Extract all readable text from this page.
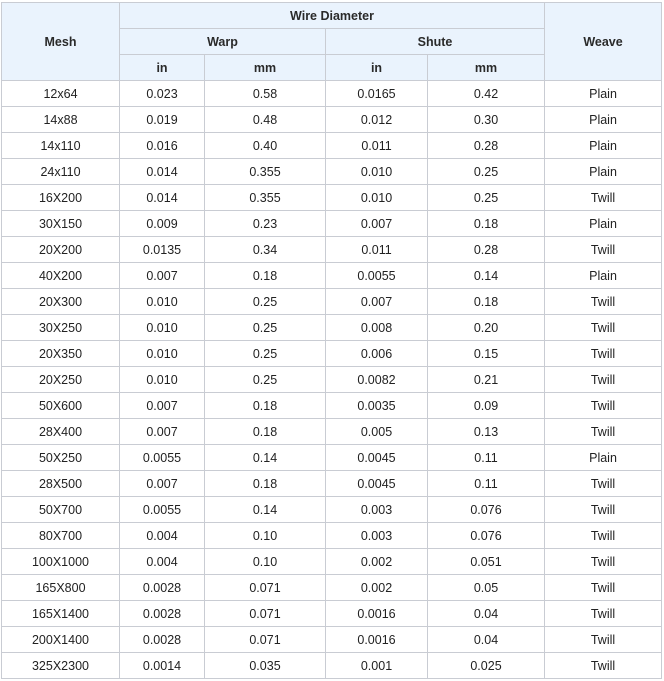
Mesh	Wire Diameter				Weave
	Warp		Shute		
	in	mm	in	mm	
12x64	0.023	0.58	0.0165	0.42	Plain
14x88	0.019	0.48	0.012	0.30	Plain
14x110	0.016	0.40	0.011	0.28	Plain
24x110	0.014	0.355	0.010	0.25	Plain
16X200	0.014	0.355	0.010	0.25	Twill
30X150	0.009	0.23	0.007	0.18	Plain
20X200	0.0135	0.34	0.011	0.28	Twill
40X200	0.007	0.18	0.0055	0.14	Plain
20X300	0.010	0.25	0.007	0.18	Twill
30X250	0.010	0.25	0.008	0.20	Twill
20X350	0.010	0.25	0.006	0.15	Twill
20X250	0.010	0.25	0.0082	0.21	Twill
50X600	0.007	0.18	0.0035	0.09	Twill
28X400	0.007	0.18	0.005	0.13	Twill
50X250	0.0055	0.14	0.0045	0.11	Plain
28X500	0.007	0.18	0.0045	0.11	Twill
50X700	0.0055	0.14	0.003	0.076	Twill
80X700	0.004	0.10	0.003	0.076	Twill
100X1000	0.004	0.10	0.002	0.051	Twill
165X800	0.0028	0.071	0.002	0.05	Twill
165X1400	0.0028	0.071	0.0016	0.04	Twill
200X1400	0.0028	0.071	0.0016	0.04	Twill
325X2300	0.0014	0.035	0.001	0.025	Twill
